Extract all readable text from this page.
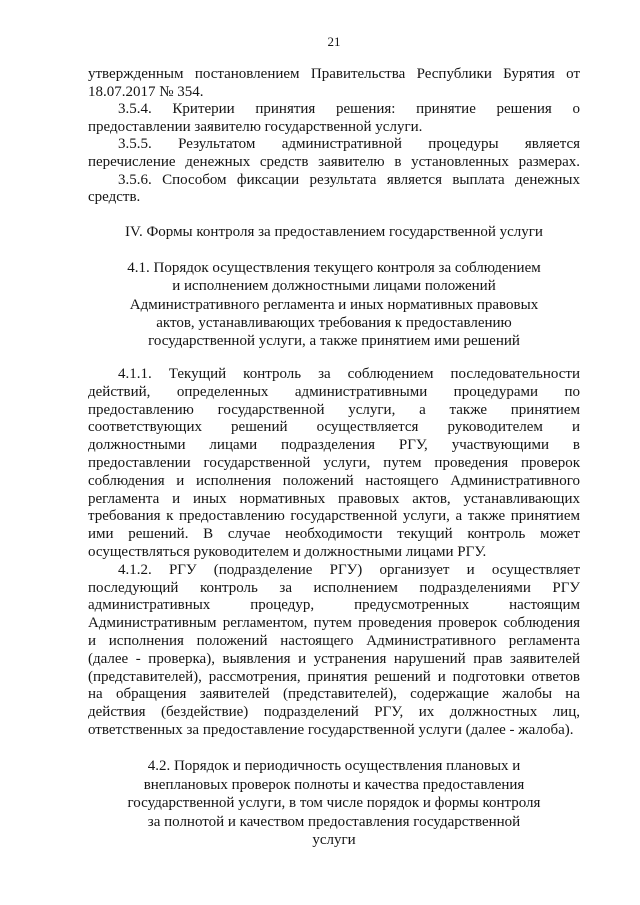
21
утвержденным постановлением Правительства Республики Бурятия от
18.07.2017 № 354.
3.5.4. Критерии принятия решения: принятие решения о
предоставлении заявителю государственной услуги.
3.5.5. Результатом административной процедуры является
перечисление денежных средств заявителю в установленных размерах.
3.5.6. Способом фиксации результата является выплата денежных
средств.
IV. Формы контроля за предоставлением государственной услуги
4.1. Порядок осуществления текущего контроля за соблюдением
и исполнением должностными лицами положений
Административного регламента и иных нормативных правовых
актов, устанавливающих требования к предоставлению
государственной услуги, а также принятием ими решений
4.1.1. Текущий контроль за соблюдением последовательности
действий, определенных административными процедурами по
предоставлению государственной услуги, а также принятием
соответствующих решений осуществляется руководителем и
должностными лицами подразделения РГУ, участвующими в
предоставлении государственной услуги, путем проведения проверок
соблюдения и исполнения положений настоящего Административного
регламента и иных нормативных правовых актов, устанавливающих
требования к предоставлению государственной услуги, а также принятием
ими решений. В случае необходимости текущий контроль может
осуществляться руководителем и должностными лицами РГУ.
4.1.2. РГУ (подразделение РГУ) организует и осуществляет
последующий контроль за исполнением подразделениями РГУ
административных процедур, предусмотренных настоящим
Административным регламентом, путем проведения проверок соблюдения
и исполнения положений настоящего Административного регламента
(далее - проверка), выявления и устранения нарушений прав заявителей
(представителей), рассмотрения, принятия решений и подготовки ответов
на обращения заявителей (представителей), содержащие жалобы на
действия (бездействие) подразделений РГУ, их должностных лиц,
ответственных за предоставление государственной услуги (далее - жалоба).
4.2. Порядок и периодичность осуществления плановых и
внеплановых проверок полноты и качества предоставления
государственной услуги, в том числе порядок и формы контроля
за полнотой и качеством предоставления государственной
услуги
